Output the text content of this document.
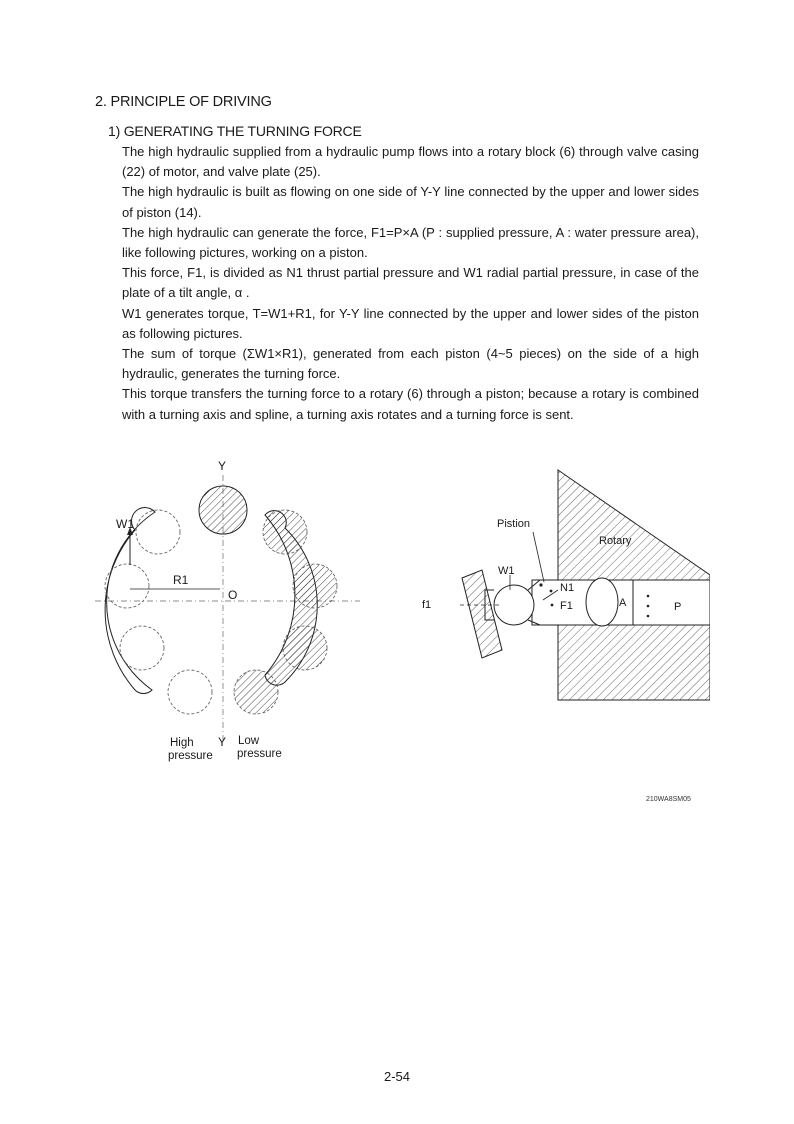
2. PRINCIPLE OF DRIVING
1) GENERATING THE TURNING FORCE

The high hydraulic supplied from a hydraulic pump flows into a rotary block (6) through valve casing (22) of motor, and valve plate (25).

The high hydraulic is built as flowing on one side of Y-Y line connected by the upper and lower sides of piston (14).

The high hydraulic can generate the force, F1=P×A (P : supplied pressure, A : water pressure area), like following pictures, working on a piston.

This force, F1, is divided as N1 thrust partial pressure and W1 radial partial pressure, in case of the plate of a tilt angle, α .

W1 generates torque, T=W1+R1, for Y-Y line connected by the upper and lower sides of the piston as following pictures.

The sum of torque (ΣW1×R1), generated from each piston (4~5 pieces) on the side of a high hydraulic, generates the turning force.

This torque transfers the turning force to a rotary (6) through a piston; because a rotary is combined with a turning axis and spline, a turning axis rotates and a turning force is sent.

Y
W1
R1
O
Y
High
pressure
Low
pressure
Pistion
Rotary
W1
N1
F1
f1	A	P
210WA8SM05
2-54
